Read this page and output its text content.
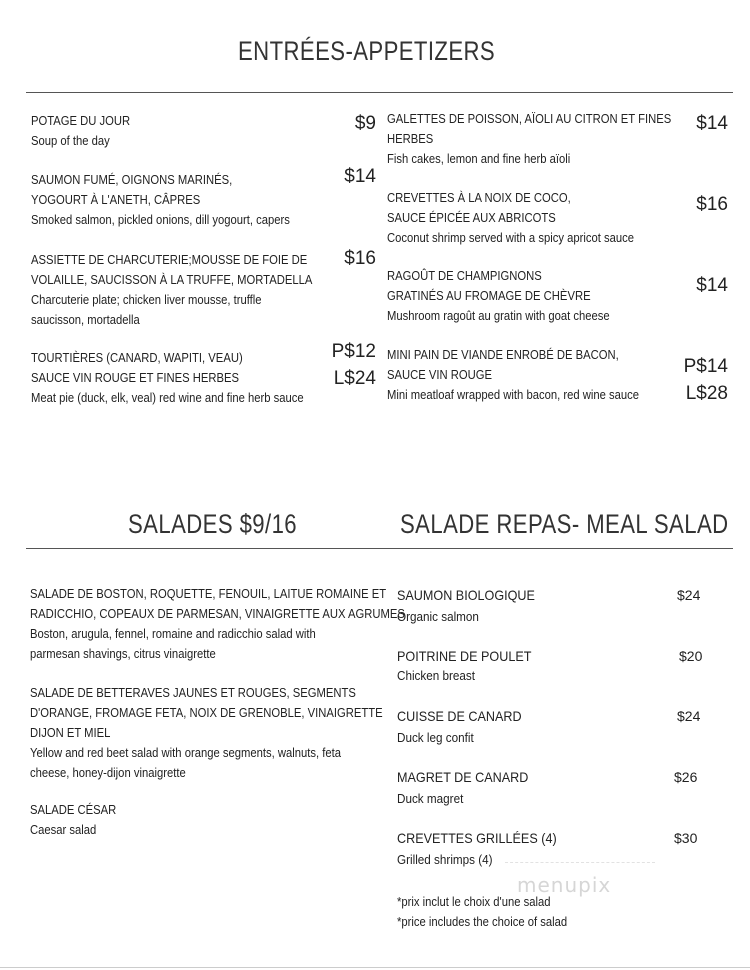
ENTRÉES-APPETIZERS
POTAGE DU JOUR
Soup of the day
$9
SAUMON FUMÉ, OIGNONS MARINÉS,
YOGOURT À L'ANETH, CÂPRES
Smoked salmon, pickled onions, dill yogourt, capers
$14
ASSIETTE DE CHARCUTERIE;MOUSSE DE FOIE DE
VOLAILLE, SAUCISSON À LA TRUFFE, MORTADELLA
Charcuterie plate; chicken liver mousse, truffle
saucisson, mortadella
$16
TOURTIÈRES (CANARD, WAPITI, VEAU)
SAUCE VIN ROUGE ET FINES HERBES
Meat pie (duck, elk, veal) red wine and fine herb sauce
P$12
L$24
GALETTES DE POISSON, AÏOLI AU CITRON ET FINES
HERBES
Fish cakes, lemon and fine herb aïoli
$14
CREVETTES À LA NOIX DE COCO,
SAUCE ÉPICÉE AUX ABRICOTS
Coconut shrimp served with a spicy apricot sauce
$16
RAGOÛT DE CHAMPIGNONS
GRATINÉS AU FROMAGE DE CHÈVRE
Mushroom ragoût au gratin with goat cheese
$14
MINI PAIN DE VIANDE ENROBÉ DE BACON,
SAUCE VIN ROUGE
Mini meatloaf wrapped with bacon, red wine sauce
P$14
L$28
SALADES $9/16	SALADE REPAS- MEAL SALAD
SALADE DE BOSTON, ROQUETTE, FENOUIL, LAITUE ROMAINE ET
RADICCHIO, COPEAUX DE PARMESAN, VINAIGRETTE AUX AGRUMES
Boston, arugula, fennel, romaine and radicchio salad with
parmesan shavings, citrus vinaigrette
SALADE DE BETTERAVES JAUNES ET ROUGES, SEGMENTS
D'ORANGE, FROMAGE FETA, NOIX DE GRENOBLE, VINAIGRETTE
DIJON ET MIEL
Yellow and red beet salad with orange segments, walnuts, feta
cheese, honey-dijon vinaigrette
SALADE CÉSAR
Caesar salad
SAUMON BIOLOGIQUE
Organic salmon
$24
POITRINE DE POULET
Chicken breast
$20
CUISSE DE CANARD
Duck leg confit
$24
MAGRET DE CANARD
Duck magret
$26
CREVETTES GRILLÉES (4)
Grilled shrimps (4)
$30
*prix inclut le choix d'une salad
*price includes the choice of salad
menupix
